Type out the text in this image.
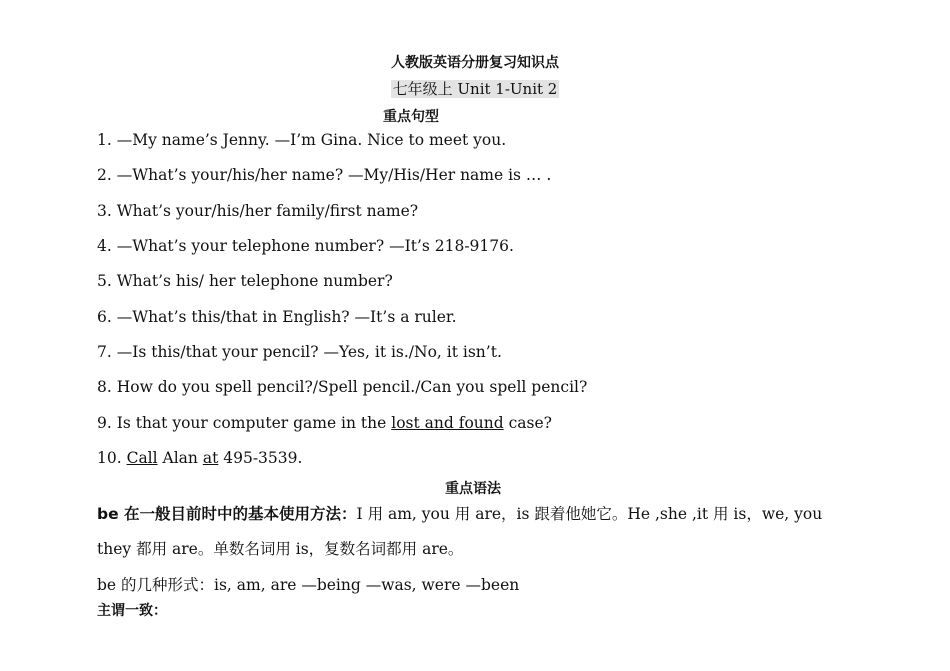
人教版英语分册复习知识点
七年级上 Unit 1-Unit 2
重点句型
1. —My name’s Jenny. —I’m Gina. Nice to meet you.
2. —What’s your/his/her name? —My/His/Her name is … .
3. What’s your/his/her family/first name?
4. —What’s your telephone number? —It’s 218-9176.
5. What’s his/ her telephone number?
6. —What’s this/that in English? —It’s a ruler.
7. —Is this/that your pencil? —Yes, it is./No, it isn’t.
8. How do you spell pencil?/Spell pencil./Can you spell pencil?
9. Is that your computer game in the lost and found case?
10. Call Alan at 495-3539.
重点语法
be 在一般目前时中的基本使用方法：I 用 am, you 用 are，is 跟着他她它。He ,she ,it 用 is，we, you
they 都用 are。单数名词用 is，复数名词都用 are。
be 的几种形式：is, am, are —being —was, were —been
主谓一致：
